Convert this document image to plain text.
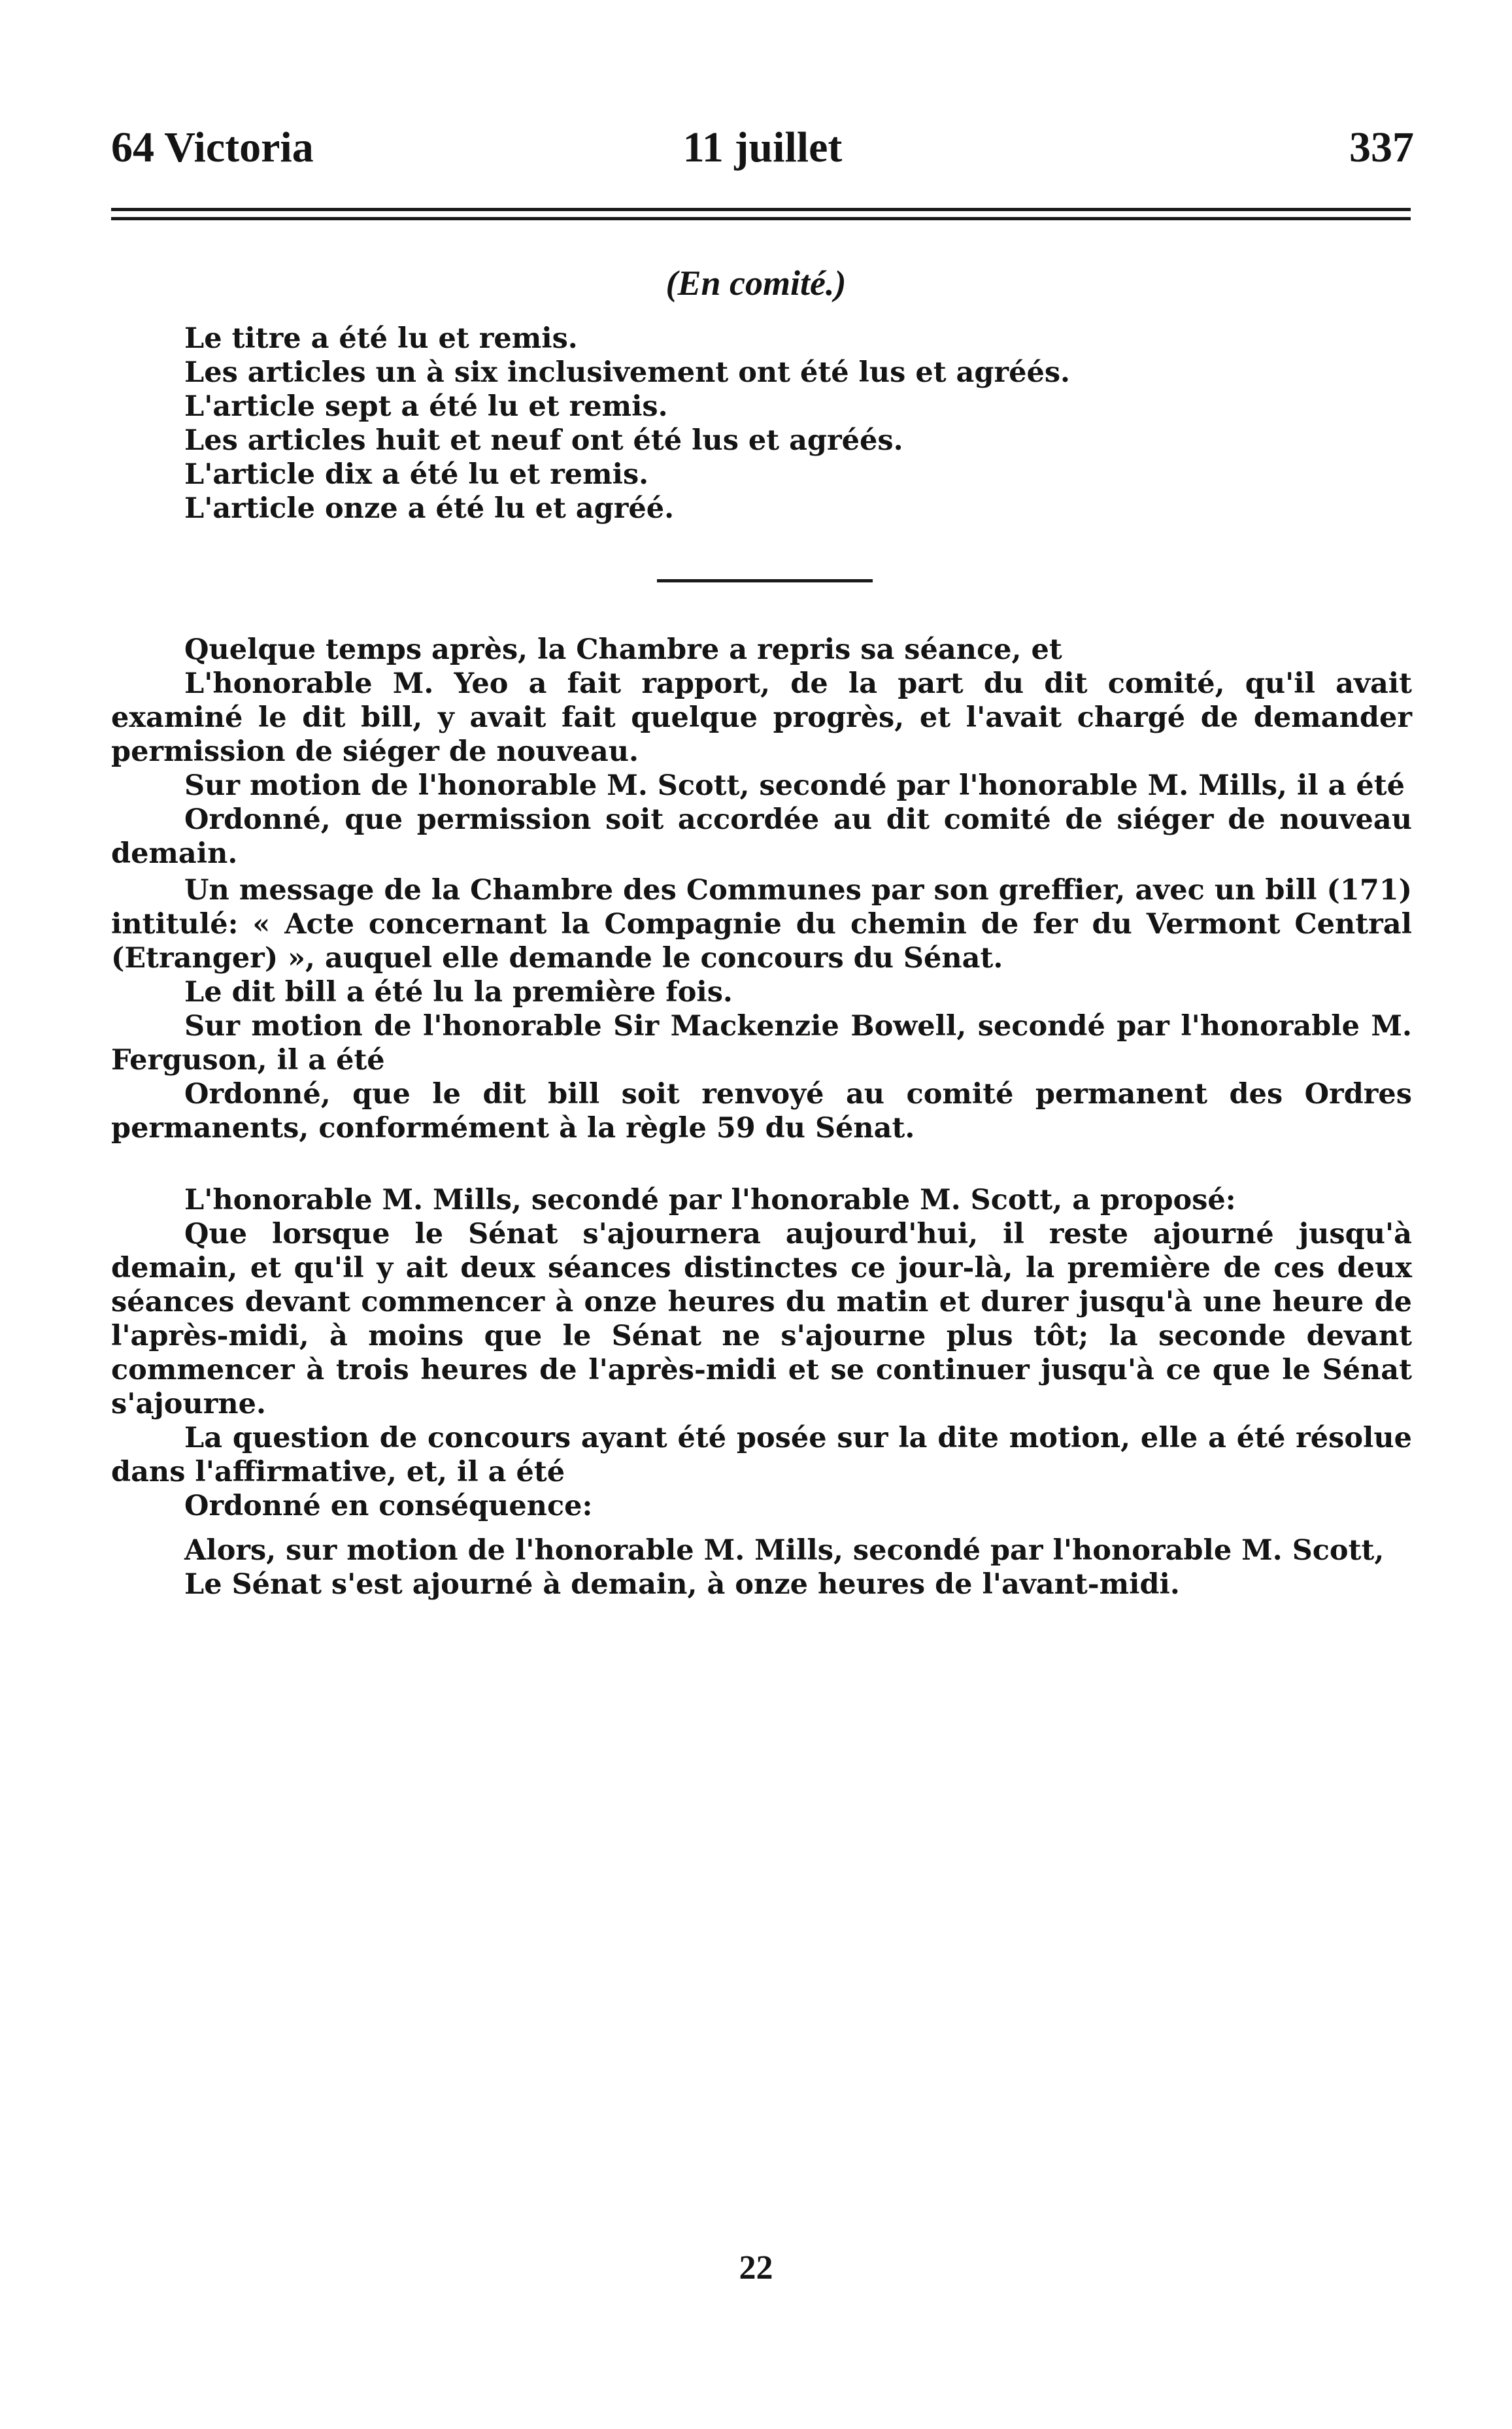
64 Victoria	11 juillet	337
(En comité.)

Le titre a été lu et remis.

Les articles un à six inclusivement ont été lus et agréés.

L'article sept a été lu et remis.

Les articles huit et neuf ont été lus et agréés.

L'article dix a été lu et remis.

L'article onze a été lu et agréé.

Quelque temps après, la Chambre a repris sa séance, et

L'honorable M. Yeo a fait rapport, de la part du dit comité, qu'il avait examiné le dit bill, y avait fait quelque progrès, et l'avait chargé de demander permission de siéger de nouveau.

Sur motion de l'honorable M. Scott, secondé par l'honorable M. Mills, il a été

Ordonné, que permission soit accordée au dit comité de siéger de nouveau demain.

Un message de la Chambre des Communes par son greffier, avec un bill (171) intitulé: « Acte concernant la Compagnie du chemin de fer du Vermont Central (Etranger) », auquel elle demande le concours du Sénat.

Le dit bill a été lu la première fois.

Sur motion de l'honorable Sir Mackenzie Bowell, secondé par l'honorable M. Ferguson, il a été

Ordonné, que le dit bill soit renvoyé au comité permanent des Ordres permanents, conformément à la règle 59 du Sénat.

L'honorable M. Mills, secondé par l'honorable M. Scott, a proposé:

Que lorsque le Sénat s'ajournera aujourd'hui, il reste ajourné jusqu'à demain, et qu'il y ait deux séances distinctes ce jour-là, la première de ces deux séances devant commencer à onze heures du matin et durer jusqu'à une heure de l'après-midi, à moins que le Sénat ne s'ajourne plus tôt; la seconde devant commencer à trois heures de l'après-midi et se continuer jusqu'à ce que le Sénat s'ajourne.

La question de concours ayant été posée sur la dite motion, elle a été résolue dans l'affirmative, et, il a été

Ordonné en conséquence:

Alors, sur motion de l'honorable M. Mills, secondé par l'honorable M. Scott,

Le Sénat s'est ajourné à demain, à onze heures de l'avant-midi.

22
